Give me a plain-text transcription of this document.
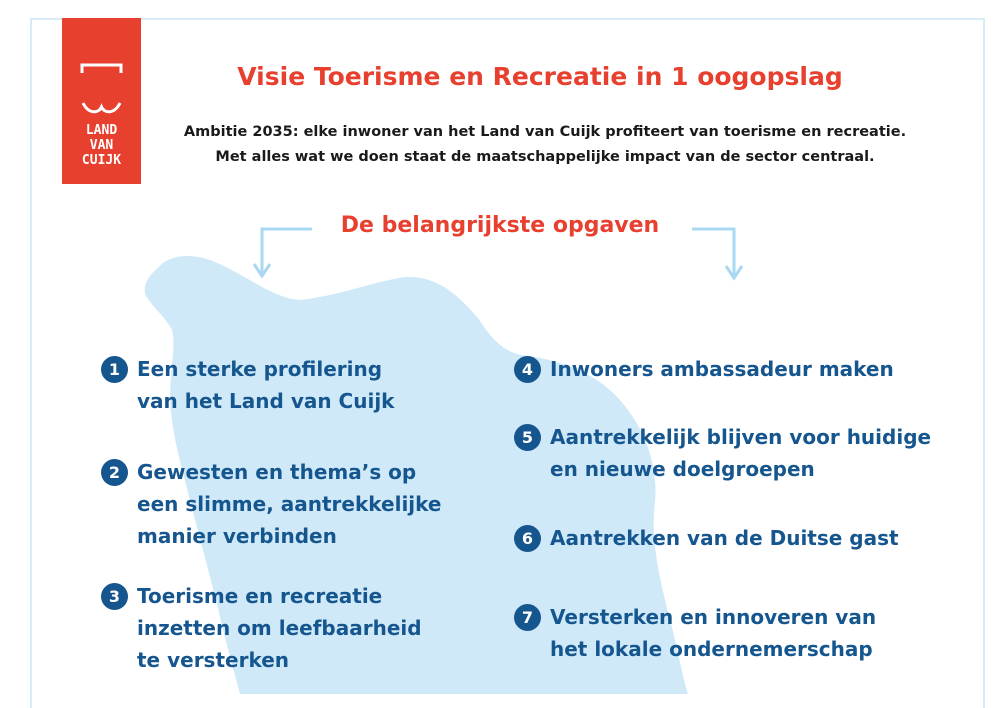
LAND
VAN
CUIJK
Visie Toerisme en Recreatie in 1 oogopslag
Ambitie 2035: elke inwoner van het Land van Cuijk profiteert van toerisme en recreatie.
Met alles wat we doen staat de maatschappelijke impact van de sector centraal.
De belangrijkste opgaven
1 Een sterke profilering
van het Land van Cuijk
2 Gewesten en thema’s op
een slimme, aantrekkelijke
manier verbinden
3 Toerisme en recreatie
inzetten om leefbaarheid
te versterken
4 Inwoners ambassadeur maken
5 Aantrekkelijk blijven voor huidige
en nieuwe doelgroepen
6 Aantrekken van de Duitse gast
7 Versterken en innoveren van
het lokale ondernemerschap
